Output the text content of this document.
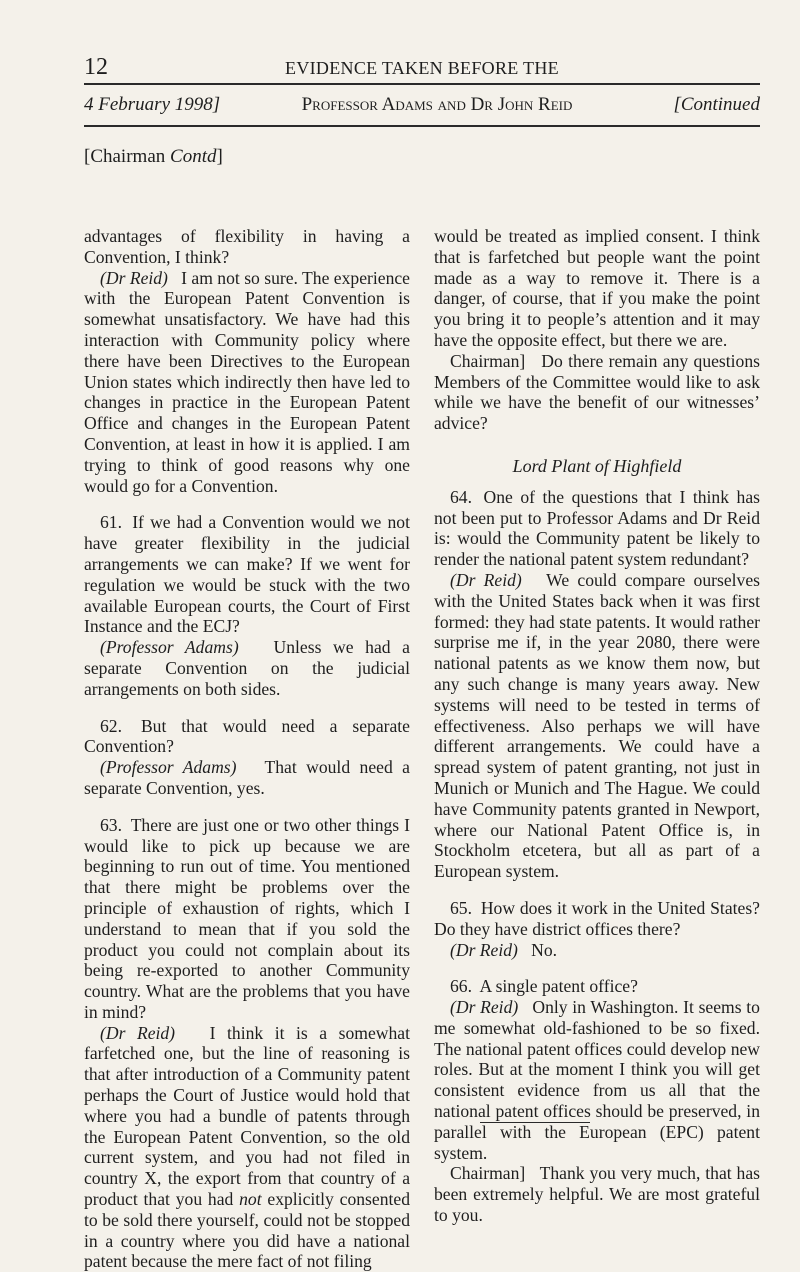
12	EVIDENCE TAKEN BEFORE THE
4 February 1998]	Professor Adams and Dr John Reid	[Continued
[Chairman Contd]

advantages of flexibility in having a Convention, I think?

(Dr Reid) I am not so sure. The experience with the European Patent Convention is somewhat unsatisfactory. We have had this interaction with Community policy where there have been Directives to the European Union states which indirectly then have led to changes in practice in the European Patent Office and changes in the European Patent Convention, at least in how it is applied. I am trying to think of good reasons why one would go for a Convention.

61. If we had a Convention would we not have greater flexibility in the judicial arrangements we can make? If we went for regulation we would be stuck with the two available European courts, the Court of First Instance and the ECJ?

(Professor Adams) Unless we had a separate Convention on the judicial arrangements on both sides.

62. But that would need a separate Convention?

(Professor Adams) That would need a separate Convention, yes.

63. There are just one or two other things I would like to pick up because we are beginning to run out of time. You mentioned that there might be problems over the principle of exhaustion of rights, which I understand to mean that if you sold the product you could not complain about its being re-exported to another Community country. What are the problems that you have in mind?

(Dr Reid) I think it is a somewhat farfetched one, but the line of reasoning is that after introduction of a Community patent perhaps the Court of Justice would hold that where you had a bundle of patents through the European Patent Convention, so the old current system, and you had not filed in country X, the export from that country of a product that you had not explicitly consented to be sold there yourself, could not be stopped in a country where you did have a national patent because the mere fact of not filing

would be treated as implied consent. I think that is farfetched but people want the point made as a way to remove it. There is a danger, of course, that if you make the point you bring it to people’s attention and it may have the opposite effect, but there we are.

Chairman] Do there remain any questions Members of the Committee would like to ask while we have the benefit of our witnesses’ advice?

Lord Plant of Highfield

64. One of the questions that I think has not been put to Professor Adams and Dr Reid is: would the Community patent be likely to render the national patent system redundant?

(Dr Reid) We could compare ourselves with the United States back when it was first formed: they had state patents. It would rather surprise me if, in the year 2080, there were national patents as we know them now, but any such change is many years away. New systems will need to be tested in terms of effectiveness. Also perhaps we will have different arrangements. We could have a spread system of patent granting, not just in Munich or Munich and The Hague. We could have Community patents granted in Newport, where our National Patent Office is, in Stockholm etcetera, but all as part of a European system.

65. How does it work in the United States? Do they have district offices there?

(Dr Reid) No.

66. A single patent office?

(Dr Reid) Only in Washington. It seems to me somewhat old-fashioned to be so fixed. The national patent offices could develop new roles. But at the moment I think you will get consistent evidence from us all that the national patent offices should be preserved, in parallel with the European (EPC) patent system.

Chairman] Thank you very much, that has been extremely helpful. We are most grateful to you.
